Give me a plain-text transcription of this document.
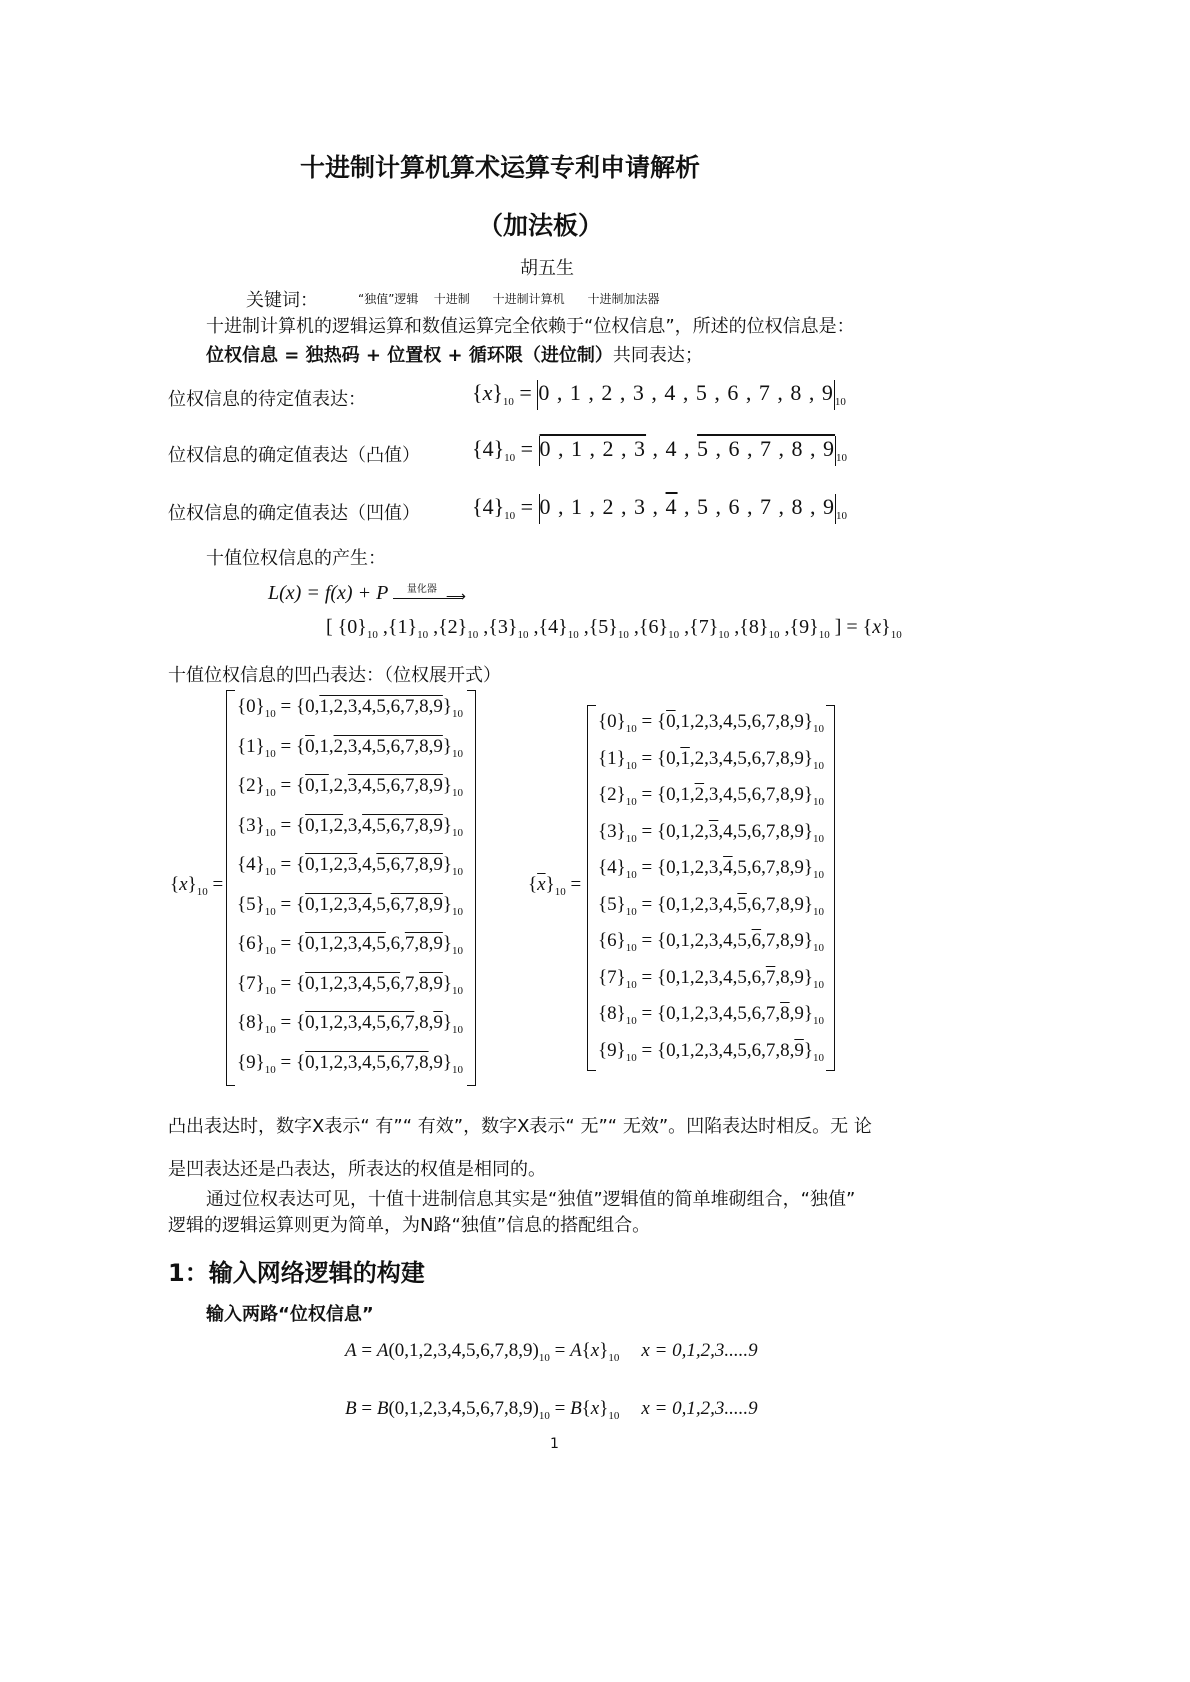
十进制计算机算术运算专利申请解析
（加法板）
胡五生
关键词：	“独值”逻辑 十进制 十进制计算机 十进制加法器
十进制计算机的逻辑运算和数值运算完全依赖于“位权信息”，所述的位权信息是：
位权信息 = 独热码 + 位置权 + 循环限（进位制）共同表达；
位权信息的待定值表达：	$\{x\}_{10} = 0$ , 1 , 2 , 3 , 4 , 5 , 6 , 7 , 8 , $9_{10}$
位权信息的确定值表达（凸值） $\{4\}_{10} = 0$ , 1 , 2 , 3 , 4 , 5 , 6 , 7 , 8 , $9_{10}$
位权信息的确定值表达（凹值） $\{4\}_{10} = 0$ , 1 , 2 , 3 , 4 , 5 , 6 , 7 , 8 , $9_{10}$
十值位权信息的产生：
L(x) = f(x) + P 量化器
⟶
[ $\{0\}_{10}$ $,\{1\}_{10}$ $,\{2\}_{10}$ $,\{3\}_{10}$ $,\{4\}_{10}$ $,\{5\}_{10}$ $,\{6\}_{10}$ $,\{7\}_{10}$ $,\{8\}_{10}$ $,\{9\}_{10}$ ] = $\{x\}_{10}$
十值位权信息的凹凸表达：（位权展开式）
$\{x\}_{10}$ =
$\{0\}_{10} = \{0,1,2,3,4,5,6,7,8,9\}_{10}$
$\{1\}_{10} = \{0,1,2,3,4,5,6,7,8,9\}_{10}$
$\{2\}_{10} = \{0,1,2,3,4,5,6,7,8,9\}_{10}$
$\{3\}_{10} = \{0,1,2,3,4,5,6,7,8,9\}_{10}$
$\{4\}_{10} = \{0,1,2,3,4,5,6,7,8,9\}_{10}$
$\{5\}_{10} = \{0,1,2,3,4,5,6,7,8,9\}_{10}$
$\{6\}_{10} = \{0,1,2,3,4,5,6,7,8,9\}_{10}$
$\{7\}_{10} = \{0,1,2,3,4,5,6,7,8,9\}_{10}$
$\{8\}_{10} = \{0,1,2,3,4,5,6,7,8,9\}_{10}$
$\{9\}_{10} = \{0,1,2,3,4,5,6,7,8,9\}_{10}$
$\{\overline{x}\}_{10}$ =
$\{0\}_{10} = \{0,1,2,3,4,5,6,7,8,9\}_{10}$
$\{1\}_{10} = \{0,1,2,3,4,5,6,7,8,9\}_{10}$
$\{2\}_{10} = \{0,1,2,3,4,5,6,7,8,9\}_{10}$
$\{3\}_{10} = \{0,1,2,3,4,5,6,7,8,9\}_{10}$
$\{4\}_{10} = \{0,1,2,3,4,5,6,7,8,9\}_{10}$
$\{5\}_{10} = \{0,1,2,3,4,5,6,7,8,9\}_{10}$
$\{6\}_{10} = \{0,1,2,3,4,5,6,7,8,9\}_{10}$
$\{7\}_{10} = \{0,1,2,3,4,5,6,7,8,9\}_{10}$
$\{8\}_{10} = \{0,1,2,3,4,5,6,7,8,9\}_{10}$
$\{9\}_{10} = \{0,1,2,3,4,5,6,7,8,9\}_{10}$
凸出表达时，数字X表示“ 有”“ 有效”，数字X表示“ 无”“ 无效”。凹陷表达时相反。无 论
是凹表达还是凸表达，所表达的权值是相同的。
通过位权表达可见，十值十进制信息其实是“独值”逻辑值的简单堆砌组合，“独值”
逻辑的逻辑运算则更为简单，为N路“独值”信息的搭配组合。
1：输入网络逻辑的构建
输入两路“位权信息”
$A = A(0,1,2,3,4,5,6,7,8,9)_{10} = A\{x\}_{10}$ x = 0,1,2,3.....9
$B = B(0,1,2,3,4,5,6,7,8,9)_{10} = B\{x\}_{10}$ x = 0,1,2,3.....9
1
